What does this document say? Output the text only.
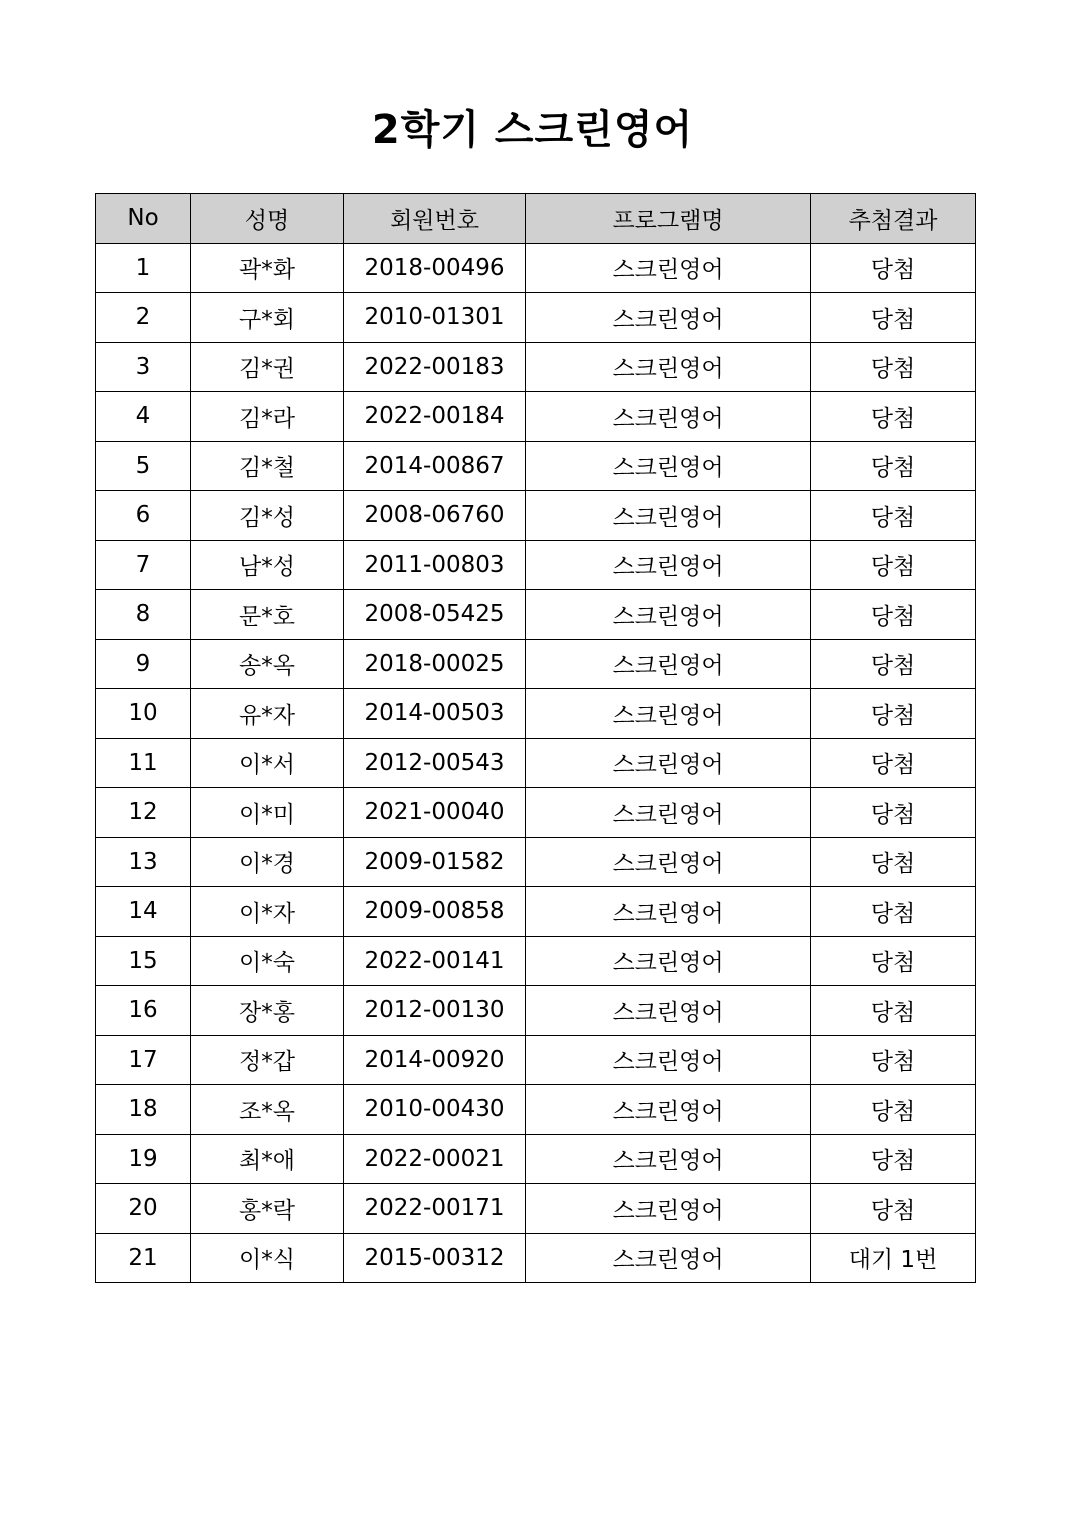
2학기 스크린영어
No	성명	회원번호	프로그램명	추첨결과
1	곽*화	2018-00496	스크린영어	당첨
2	구*회	2010-01301	스크린영어	당첨
3	김*권	2022-00183	스크린영어	당첨
4	김*라	2022-00184	스크린영어	당첨
5	김*철	2014-00867	스크린영어	당첨
6	김*성	2008-06760	스크린영어	당첨
7	남*성	2011-00803	스크린영어	당첨
8	문*호	2008-05425	스크린영어	당첨
9	송*옥	2018-00025	스크린영어	당첨
10	유*자	2014-00503	스크린영어	당첨
11	이*서	2012-00543	스크린영어	당첨
12	이*미	2021-00040	스크린영어	당첨
13	이*경	2009-01582	스크린영어	당첨
14	이*자	2009-00858	스크린영어	당첨
15	이*숙	2022-00141	스크린영어	당첨
16	장*홍	2012-00130	스크린영어	당첨
17	정*갑	2014-00920	스크린영어	당첨
18	조*옥	2010-00430	스크린영어	당첨
19	최*애	2022-00021	스크린영어	당첨
20	홍*락	2022-00171	스크린영어	당첨
21	이*식	2015-00312	스크린영어	대기 1번
